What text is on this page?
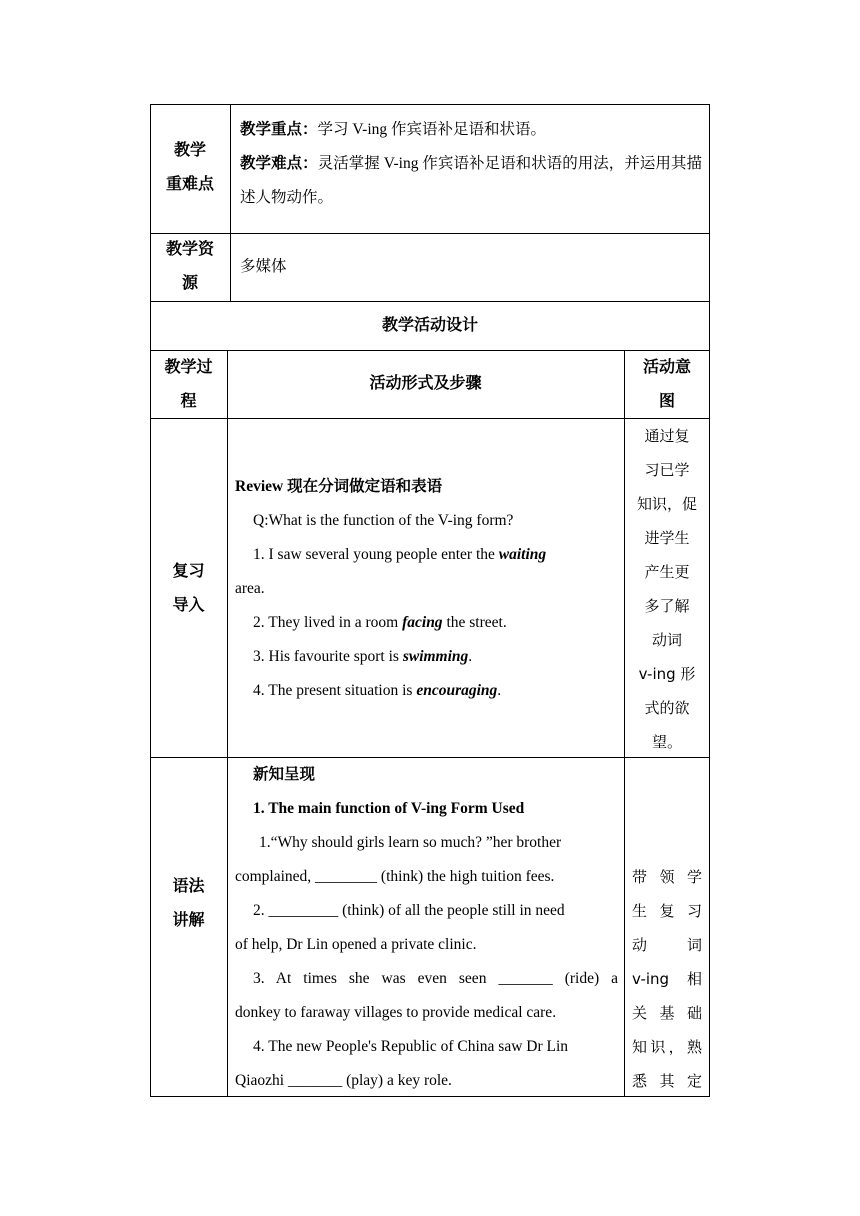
教学
重难点
教学重点：学习 V-ing 作宾语补足语和状语。
教学难点：灵活掌握 V-ing 作宾语补足语和状语的用法，并运用其描述人物动作。
教学资
源
多媒体
教学活动设计
教学过
程
活动形式及步骤
活动意
图
复习
导入
Review 现在分词做定语和表语
Q:What is the function of the V-ing form?
1. I saw several young people enter the waiting
area.
2. They lived in a room facing the street.
3. His favourite sport is swimming.
4. The present situation is encouraging.
通过复
习已学
知识，促
进学生
产生更
多了解
动词
v-ing 形
式的欲
望。
语法
讲解
新知呈现
1. The main function of V-ing Form Used
1.“Why should girls learn so much? ”her brother
complained, ________ (think) the high tuition fees.
2. _________ (think) of all the people still in need
of help, Dr Lin opened a private clinic.
3. At times she was even seen _______ (ride) a
donkey to faraway villages to provide medical care.
4. The new People's Republic of China saw Dr Lin
Qiaozhi _______ (play) a key role.
带 领 学
生 复 习
动　 词
v-ing 相
关 基 础
知识，熟
悉 其 定
